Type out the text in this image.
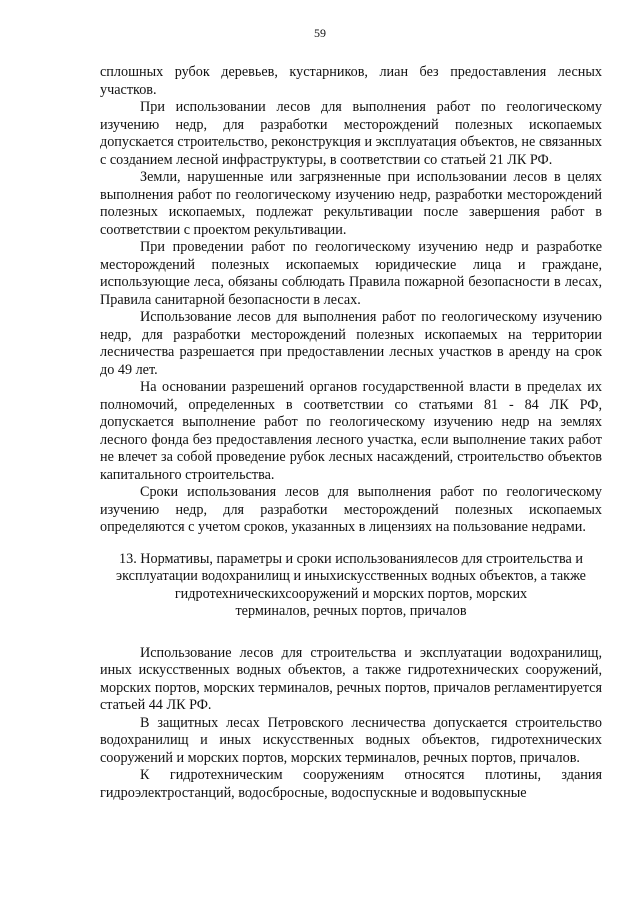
59

сплошных рубок деревьев, кустарников, лиан без предоставления лесных участков.

При использовании лесов для выполнения работ по геологическому изучению недр, для разработки месторождений полезных ископаемых допускается строительство, реконструкция и эксплуатация объектов, не связанных с созданием лесной инфраструктуры, в соответствии со статьей 21 ЛК РФ.

Земли, нарушенные или загрязненные при использовании лесов в целях выполнения работ по геологическому изучению недр, разработки месторождений полезных ископаемых, подлежат рекультивации после завершения работ в соответствии с проектом рекультивации.

При проведении работ по геологическому изучению недр и разработке месторождений полезных ископаемых юридические лица и граждане, использующие леса, обязаны соблюдать Правила пожарной безопасности в лесах, Правила санитарной безопасности в лесах.

Использование лесов для выполнения работ по геологическому изучению недр, для разработки месторождений полезных ископаемых на территории лесничества разрешается при предоставлении лесных участков в аренду на срок до 49 лет.

На основании разрешений органов государственной власти в пределах их полномочий, определенных в соответствии со статьями 81 - 84 ЛК РФ, допускается выполнение работ по геологическому изучению недр на землях лесного фонда без предоставления лесного участка, если выполнение таких работ не влечет за собой проведение рубок лесных насаждений, строительство объектов капитального строительства.

Сроки использования лесов для выполнения работ по геологическому изучению недр, для разработки месторождений полезных ископаемых определяются с учетом сроков, указанных в лицензиях на пользование недрами.

13. Нормативы, параметры и сроки использованиялесов для строительства и
эксплуатации водохранилищ и иныхискусственных водных объектов, а также
гидротехническихсооружений и морских портов, морских
терминалов, речных портов, причалов

Использование лесов для строительства и эксплуатации водохранилищ, иных искусственных водных объектов, а также гидротехнических сооружений, морских портов, морских терминалов, речных портов, причалов регламентируется статьей 44 ЛК РФ.

В защитных лесах Петровского лесничества допускается строительство водохранилищ и иных искусственных водных объектов, гидротехнических сооружений и морских портов, морских терминалов, речных портов, причалов.

К гидротехническим сооружениям относятся плотины, здания гидроэлектростанций, водосбросные, водоспускные и водовыпускные
